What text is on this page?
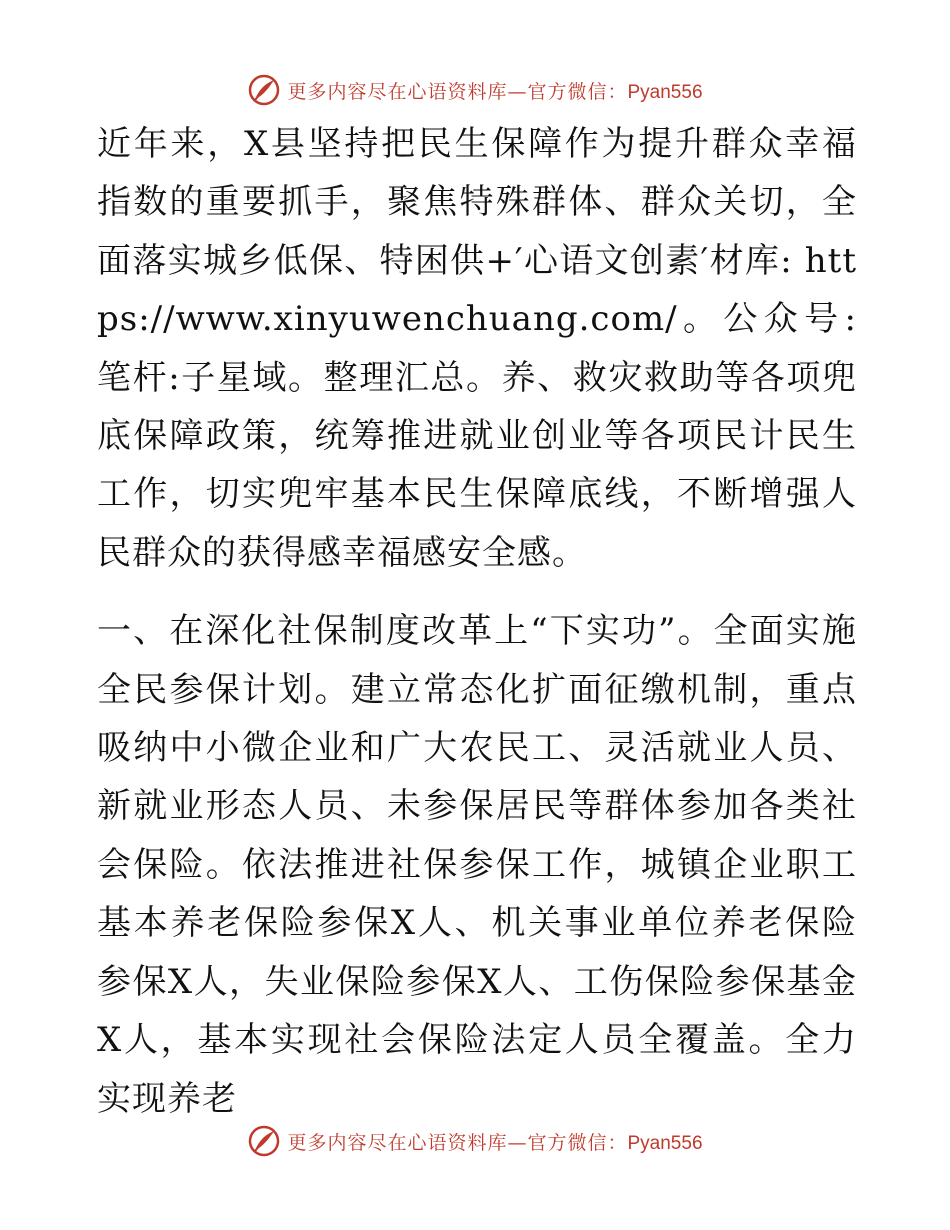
更多内容尽在心语资料库—官方微信：Pyan556

近年来，X县坚持把民生保障作为提升群众幸福指数的重要抓手，聚焦特殊群体、群众关切，全面落实城乡低保、特困供+′心语文创素′材库: https://www.xinyuwenchuang.com/。公众号: 笔杆:子星域。整理汇总。养、救灾救助等各项兜底保障政策，统筹推进就业创业等各项民计民生工作，切实兜牢基本民生保障底线，不断增强人民群众的获得感幸福感安全感。

一、在深化社保制度改革上“下实功”。全面实施全民参保计划。建立常态化扩面征缴机制，重点吸纳中小微企业和广大农民工、灵活就业人员、新就业形态人员、未参保居民等群体参加各类社会保险。依法推进社保参保工作，城镇企业职工基本养老保险参保X人、机关事业单位养老保险参保X人，失业保险参保X人、工伤保险参保基金X人，基本实现社会保险法定人员全覆盖。全力实现养老

更多内容尽在心语资料库—官方微信：Pyan556
